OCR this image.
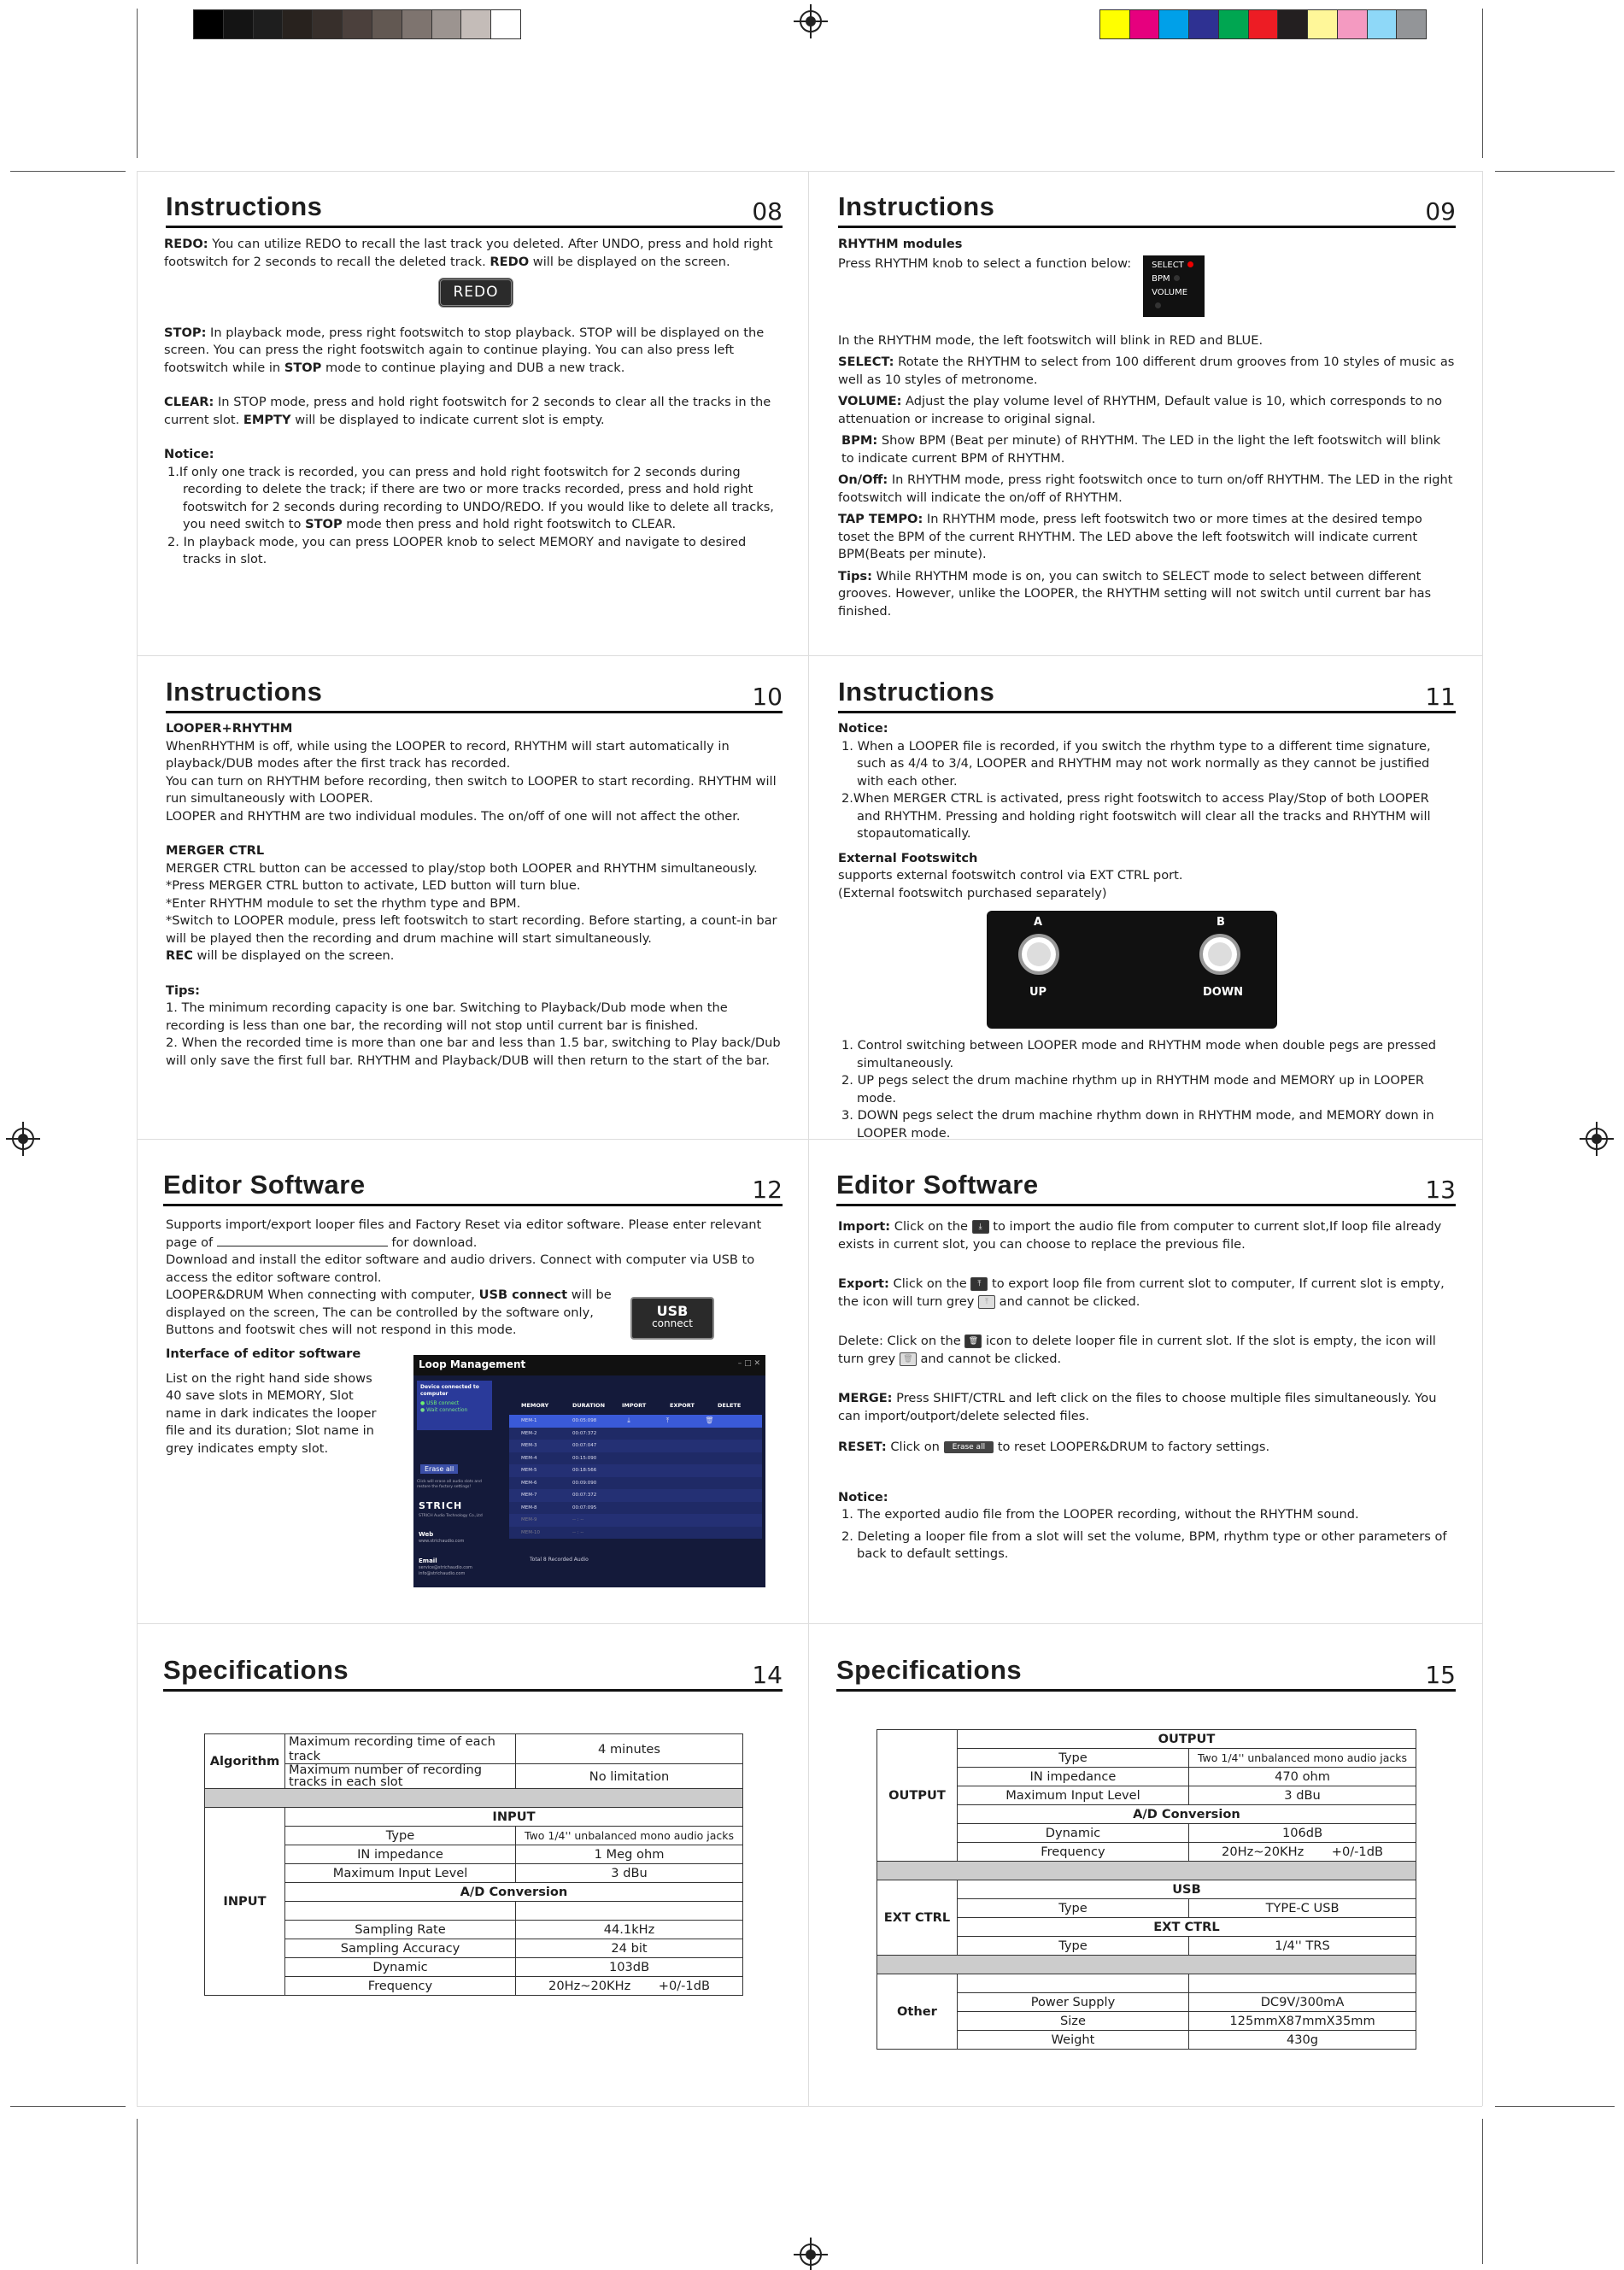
Instructions	08

REDO: You can utilize REDO to recall the last track you deleted. After UNDO, press and hold right footswitch for 2 seconds to recall the deleted track. REDO will be displayed on the screen.

REDO

STOP: In playback mode, press right footswitch to stop playback. STOP will be displayed on the screen. You can press the right footswitch again to continue playing. You can also press left footswitch while in STOP mode to continue playing and DUB a new track.

CLEAR: In STOP mode, press and hold right footswitch for 2 seconds to clear all the tracks in the current slot. EMPTY will be displayed to indicate current slot is empty.

Notice:

1.If only one track is recorded, you can press and hold right footswitch for 2 seconds during recording to delete the track; if there are two or more tracks recorded, press and hold right footswitch for 2 seconds during recording to UNDO/REDO. If you would like to delete all tracks, you need switch to STOP mode then press and hold right footswitch to CLEAR.

2. In playback mode, you can press LOOPER knob to select MEMORY and navigate to desired tracks in slot.

Instructions	09

RHYTHM modules

Press RHYTHM knob to select a function below: SELECT
BPM
VOLUME

In the RHYTHM mode, the left footswitch will blink in RED and BLUE.

SELECT: Rotate the RHYTHM to select from 100 different drum grooves from 10 styles of music as well as 10 styles of metronome.

VOLUME: Adjust the play volume level of RHYTHM, Default value is 10, which corresponds to no attenuation or increase to original signal.

BPM: Show BPM (Beat per minute) of RHYTHM. The LED in the light the left footswitch will blink to indicate current BPM of RHYTHM.

On/Off: In RHYTHM mode, press right footswitch once to turn on/off RHYTHM. The LED in the right footswitch will indicate the on/off of RHYTHM.

TAP TEMPO: In RHYTHM mode, press left footswitch two or more times at the desired tempo toset the BPM of the current RHYTHM. The LED above the left footswitch will indicate current BPM(Beats per minute).

Tips: While RHYTHM mode is on, you can switch to SELECT mode to select between different grooves. However, unlike the LOOPER, the RHYTHM setting will not switch until current bar has finished.

Instructions	10

LOOPER+RHYTHM

WhenRHYTHM is off, while using the LOOPER to record, RHYTHM will start automatically in playback/DUB modes after the first track has recorded.

You can turn on RHYTHM before recording, then switch to LOOPER to start recording. RHYTHM will run simultaneously with LOOPER.

LOOPER and RHYTHM are two individual modules. The on/off of one will not affect the other.

MERGER CTRL

MERGER CTRL button can be accessed to play/stop both LOOPER and RHYTHM simultaneously.

*Press MERGER CTRL button to activate, LED button will turn blue.

*Enter RHYTHM module to set the rhythm type and BPM.

*Switch to LOOPER module, press left footswitch to start recording. Before starting, a count-in bar will be played then the recording and drum machine will start simultaneously.

REC will be displayed on the screen.

Tips:

1. The minimum recording capacity is one bar. Switching to Playback/Dub mode when the recording is less than one bar, the recording will not stop until current bar is finished.

2. When the recorded time is more than one bar and less than 1.5 bar, switching to Play back/Dub will only save the first full bar. RHYTHM and Playback/DUB will then return to the start of the bar.

Instructions	11

Notice:

1. When a LOOPER file is recorded, if you switch the rhythm type to a different time signature, such as 4/4 to 3/4, LOOPER and RHYTHM may not work normally as they cannot be justified with each other.

2.When MERGER CTRL is activated, press right footswitch to access Play/Stop of both LOOPER and RHYTHM. Pressing and holding right footswitch will clear all the tracks and RHYTHM will stopautomatically.

External Footswitch

supports external footswitch control via EXT CTRL port.

(External footswitch purchased separately)

A	B
UP	DOWN

1. Control switching between LOOPER mode and RHYTHM mode when double pegs are pressed simultaneously.

2. UP pegs select the drum machine rhythm up in RHYTHM mode and MEMORY up in LOOPER mode.

3. DOWN pegs select the drum machine rhythm down in RHYTHM mode, and MEMORY down in LOOPER mode.

Editor Software	12

Supports import/export looper files and Factory Reset via editor software. Please enter relevant page of	for download.

Download and install the editor software and audio drivers. Connect with computer via USB to access the editor software control.

LOOPER&DRUM When connecting with computer, USB connect will be displayed on the screen, The can be controlled by the software only, Buttons and footswit ches will not respond in this mode.

USB
connect

Interface of editor software

List on the right hand side shows 40 save slots in MEMORY, Slot name in dark indicates the looper file and its duration; Slot name in grey indicates empty slot.

Loop Management	– □ ✕
Device connected to computer
● USB connect
● Wait connection
Erase all
Click will erase all audio slots and restore the factory settings!
STRICH
STRICH Audio Technology Co.,Ltd
Web
www.strichaudio.com
Email
service@strichaudio.com
info@strichaudio.com
MEMORY	DURATION	IMPORT	EXPORT	DELETE
MEM-1	00:05:098	⤓	⤒	🗑
MEM-2	00:07:372
MEM-3	00:07:047
MEM-4	00:15:090
MEM-5	00:18:566
MEM-6	00:09:090
MEM-7	00:07:372
MEM-8	00:07:095
MEM-9	-- : --
MEM-10	-- : --
Total 8 Recorded Audio
Editor Software	13

Import: Click on the ⤓ to import the audio file from computer to current slot,If loop file already exists in current slot, you can choose to replace the previous file.

Export: Click on the ⤒ to export loop file from current slot to computer, If current slot is empty, the icon will turn grey ⤒ and cannot be clicked.

Delete: Click on the 🗑 icon to delete looper file in current slot. If the slot is empty, the icon will turn grey 🗑 and cannot be clicked.

MERGE: Press SHIFT/CTRL and left click on the files to choose multiple files simultaneously. You can import/outport/delete selected files.

RESET: Click on Erase all to reset LOOPER&DRUM to factory settings.

Notice:

1. The exported audio file from the LOOPER recording, without the RHYTHM sound.

2. Deleting a looper file from a slot will set the volume, BPM, rhythm type or other parameters of back to default settings.

Specifications	14
Algorithm	Maximum recording time of each track	4 minutes
	Maximum number of recording tracks in each slot	No limitation

INPUT	INPUT	
	Type	Two 1/4'' unbalanced mono audio jacks
	IN impedance	1 Meg ohm
	Maximum Input Level	3 dBu
	A/D Conversion	

	Sampling Rate	44.1kHz
	Sampling Accuracy	24 bit
	Dynamic	103dB
	Frequency	20Hz~20KHz       +0/-1dB
Specifications	15
OUTPUT	OUTPUT	
	Type	Two 1/4'' unbalanced mono audio jacks
	IN impedance	470 ohm
	Maximum Input Level	3 dBu
	A/D Conversion	
	Dynamic	106dB
	Frequency	20Hz~20KHz       +0/-1dB

EXT CTRL	USB	
	Type	TYPE-C USB
	EXT CTRL	
	Type	1/4'' TRS

Other		
	Power Supply	DC9V/300mA
	Size	125mmX87mmX35mm
	Weight	430g
